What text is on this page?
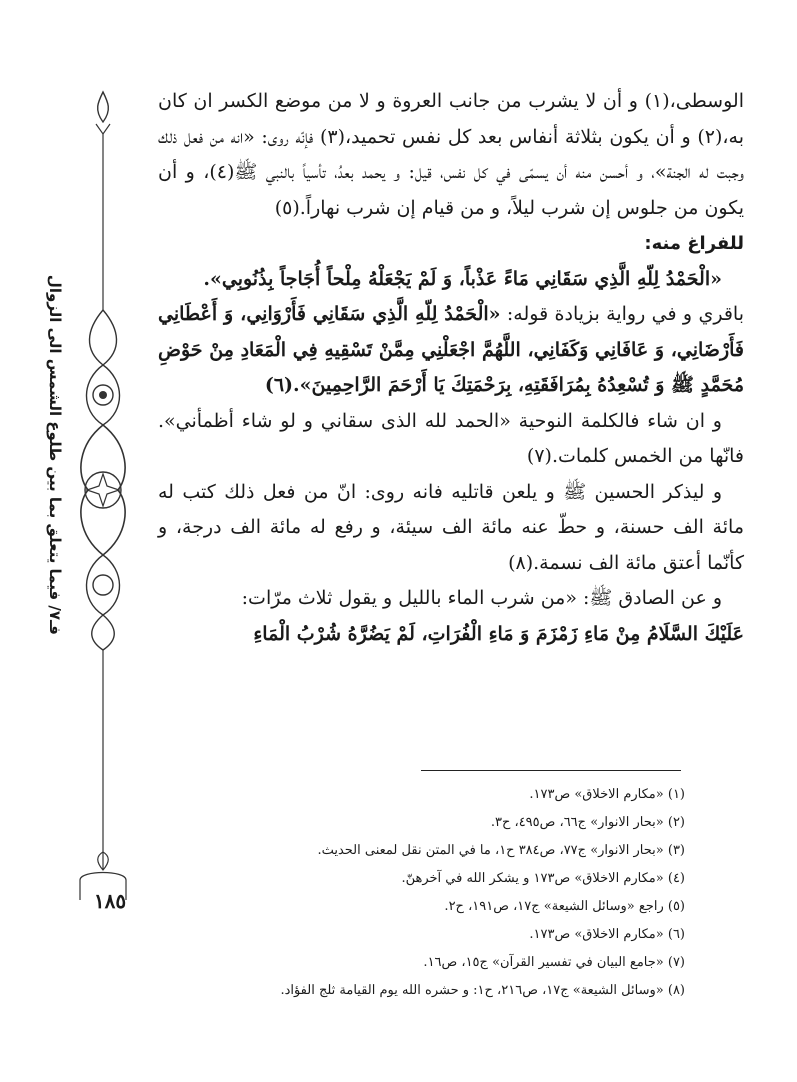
فـ٧/ فيما يتعلق بما بين طلوع الشمس الى الزوال
١٨٥

الوسطى،(١) و أن لا يشرب من جانب العروة و لا من موضع الكسر ان كان به،(٢) و أن يكون بثلاثة أنفاس بعد كل نفس تحميد،(٣) فإنّه روى: «انه من فعل ذلك وجبت له الجنة»، و أحسن منه أن يسمّى في كل نفس، قيل: و يحمد بعدُ، تأسياً بالنبي ﷺ(٤)، و أن يكون من جلوس إن شرب ليلاً، و من قيام إن شرب نهاراً.(٥)

للفراغ منه:

«الْحَمْدُ لِلّهِ الَّذِي سَقَانِي مَاءً عَذْباً، وَ لَمْ يَجْعَلْهُ مِلْحاً أُجَاجاً بِذُنُوبِي».

باقري و في رواية بزيادة قوله: «الْحَمْدُ لِلّهِ الَّذِي سَقَانِي فَأَرْوَانِي، وَ أَعْطَانِي فَأَرْضَانِي، وَ عَافَانِي وَكَفَانِي، اللَّهُمَّ اجْعَلْنِي مِمَّنْ تَسْقِيهِ فِي الْمَعَادِ مِنْ حَوْضِ مُحَمَّدٍ ﷺ وَ تُسْعِدُهُ بِمُرَافَقَتِهِ، بِرَحْمَتِكَ يَا أَرْحَمَ الرَّاحِمِينَ».(٦)

و ان شاء فالكلمة النوحية «الحمد لله الذى سقاني و لو شاء أظمأني». فانّها من الخمس كلمات.(٧)

و ليذكر الحسين ﷺ و يلعن قاتليه فانه روى: انّ من فعل ذلك كتب له مائة الف حسنة، و حطّ عنه مائة الف سيئة، و رفع له مائة الف درجة، و كأنّما أعتق مائة الف نسمة.(٨)

و عن الصادق ﷺ: «من شرب الماء بالليل و يقول ثلاث مرّات:

عَلَيْكَ السَّلَامُ مِنْ مَاءِ زَمْزَمَ وَ مَاءِ الْفُرَاتِ، لَمْ يَضُرَّهُ شُرْبُ الْمَاءِ

(١) «مكارم الاخلاق» ص١٧٣.

(٢) «بحار الانوار» ج٦٦، ص٤٩٥، ح٣.

(٣) «بحار الانوار» ج٧٧، ص٣٨٤ ح١، ما في المتن نقل لمعنى الحديث.

(٤) «مكارم الاخلاق» ص١٧٣ و يشكر الله في آخرهنّ.

(٥) راجع «وسائل الشيعة» ج١٧، ص١٩١، ح٢.

(٦) «مكارم الاخلاق» ص١٧٣.

(٧) «جامع البيان في تفسير القرآن» ج١٥، ص١٦.

(٨) «وسائل الشيعة» ج١٧، ص٢١٦، ح١: و حشره الله يوم القيامة ثلج الفؤاد.
